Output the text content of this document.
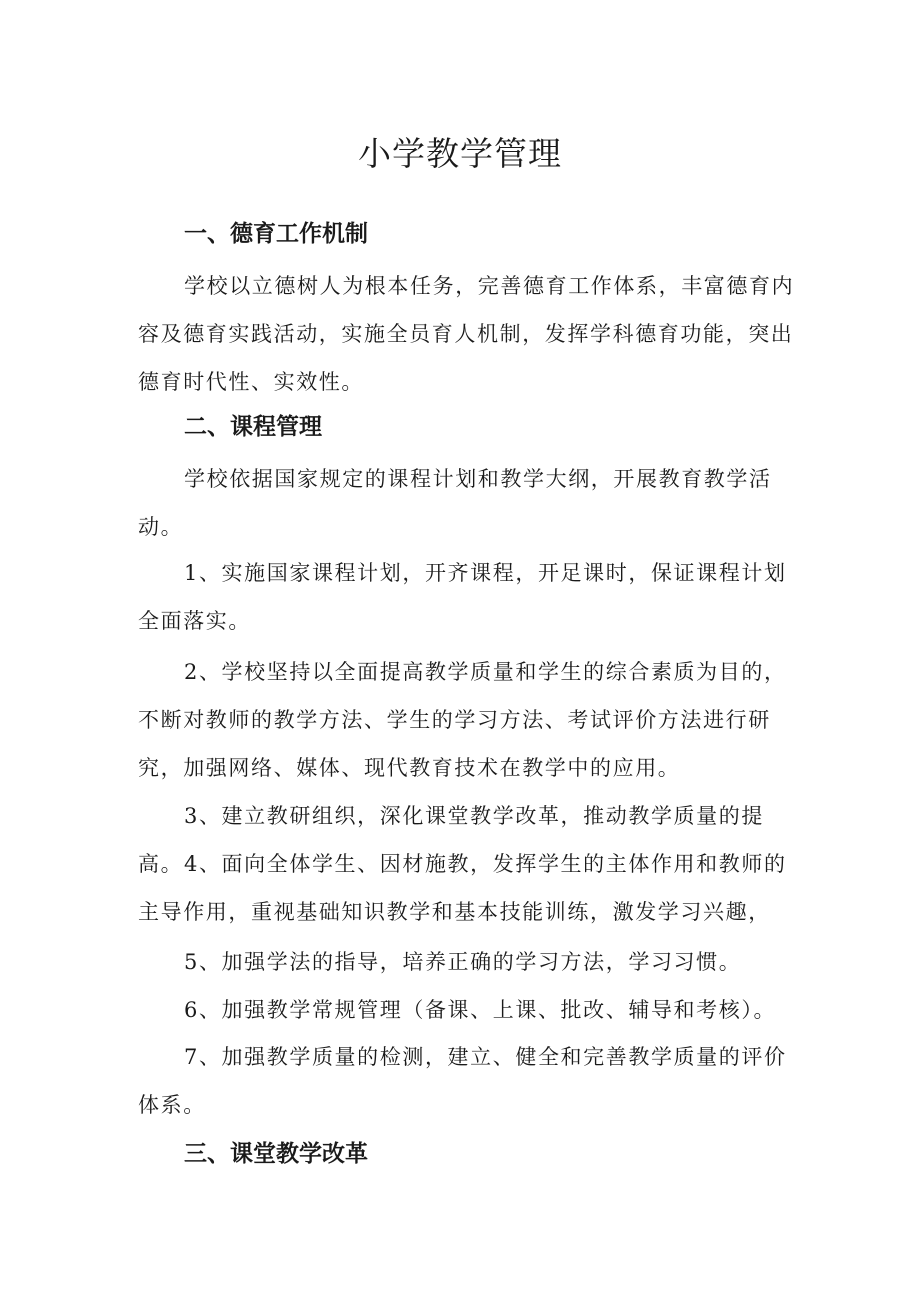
小学教学管理
一、德育工作机制

学校以立德树人为根本任务，完善德育工作体系，丰富德育内容及德育实践活动，实施全员育人机制，发挥学科德育功能，突出德育时代性、实效性。

二、课程管理

学校依据国家规定的课程计划和教学大纲，开展教育教学活动。

1、实施国家课程计划，开齐课程，开足课时，保证课程计划全面落实。

2、学校坚持以全面提高教学质量和学生的综合素质为目的，不断对教师的教学方法、学生的学习方法、考试评价方法进行研究，加强网络、媒体、现代教育技术在教学中的应用。

3、建立教研组织，深化课堂教学改革，推动教学质量的提高。 4、面向全体学生、因材施教，发挥学生的主体作用和教师的主导作用，重视基础知识教学和基本技能训练，激发学习兴趣，

5、加强学法的指导，培养正确的学习方法，学习习惯。

6、加强教学常规管理（备课、上课、批改、辅导和考核）。

7、加强教学质量的检测，建立、健全和完善教学质量的评价体系。

三、课堂教学改革
